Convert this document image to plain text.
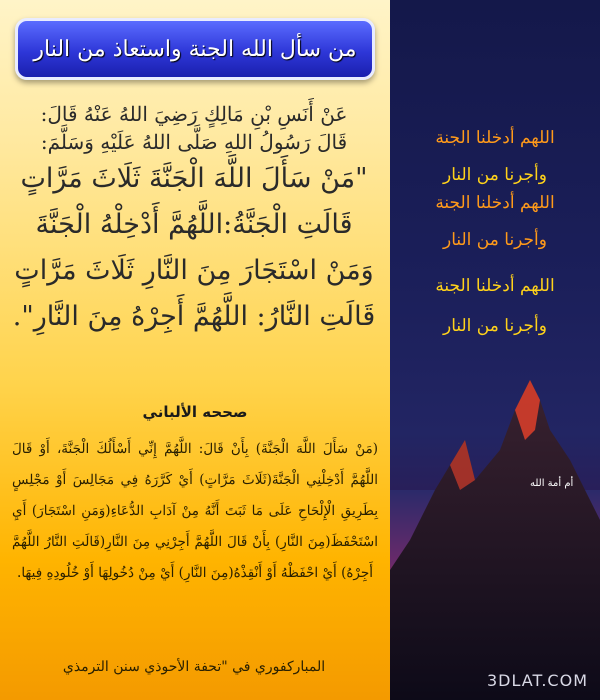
من سأل الله الجنة واستعاذ من النار

عَنْ أَنَسِ بْنِ مَالِكٍ رَضِيَ اللهُ عَنْهُ قَالَ:

قَالَ رَسُولُ اللهِ صَلَّى اللهُ عَلَيْهِ وَسَلَّمَ:

"مَنْ سَأَلَ اللَّهَ الْجَنَّةَ ثَلَاثَ مَرَّاتٍ

قَالَتِ الْجَنَّةُ:اللَّهُمَّ أَدْخِلْهُ الْجَنَّةَ

وَمَنْ اسْتَجَارَ مِنَ النَّارِ ثَلَاثَ مَرَّاتٍ

قَالَتِ النَّارُ: اللَّهُمَّ أَجِرْهُ مِنَ النَّارِ".

صححه الألباني
(مَنْ سَأَلَ اللَّهَ الْجَنَّةَ) بِأَنْ قَالَ: اللَّهُمَّ إِنِّي أَسْأَلُكَ الْجَنَّةَ، أَوْ قَالَ اللَّهُمَّ أَدْخِلْنِي الْجَنَّةَ(ثَلَاثَ مَرَّاتٍ) أَيْ كَرَّرَهُ فِي مَجَالِسَ أَوْ مَجْلِسٍ بِطَرِيقِ الْإِلْحَاحِ عَلَى مَا ثَبَتَ أَنَّهُ مِنْ آدَابِ الدُّعَاءِ(وَمَنِ اسْتَجَارَ) أَيِ اسْتَحْفَظَ(مِنَ النَّارِ) بِأَنْ قَالَ اللَّهُمَّ أَجِرْنِي مِنَ النَّارِ(قَالَتِ النَّارُ اللَّهُمَّ أَجِرْهُ) أَيْ احْفَظْهُ أَوْ أَنْقِذْهُ(مِنَ النَّارِ) أَيْ مِنْ دُخُولِهَا أَوْ خُلُودِهِ فِيهَا.
المباركفوري في "تحفة الأحوذي سنن الترمذي
اللهم أدخلنا الجنة
وأجرنا من النار
اللهم أدخلنا الجنة
وأجرنا من النار
اللهم أدخلنا الجنة
وأجرنا من النار
أم أمة الله
3DLAT.COM
